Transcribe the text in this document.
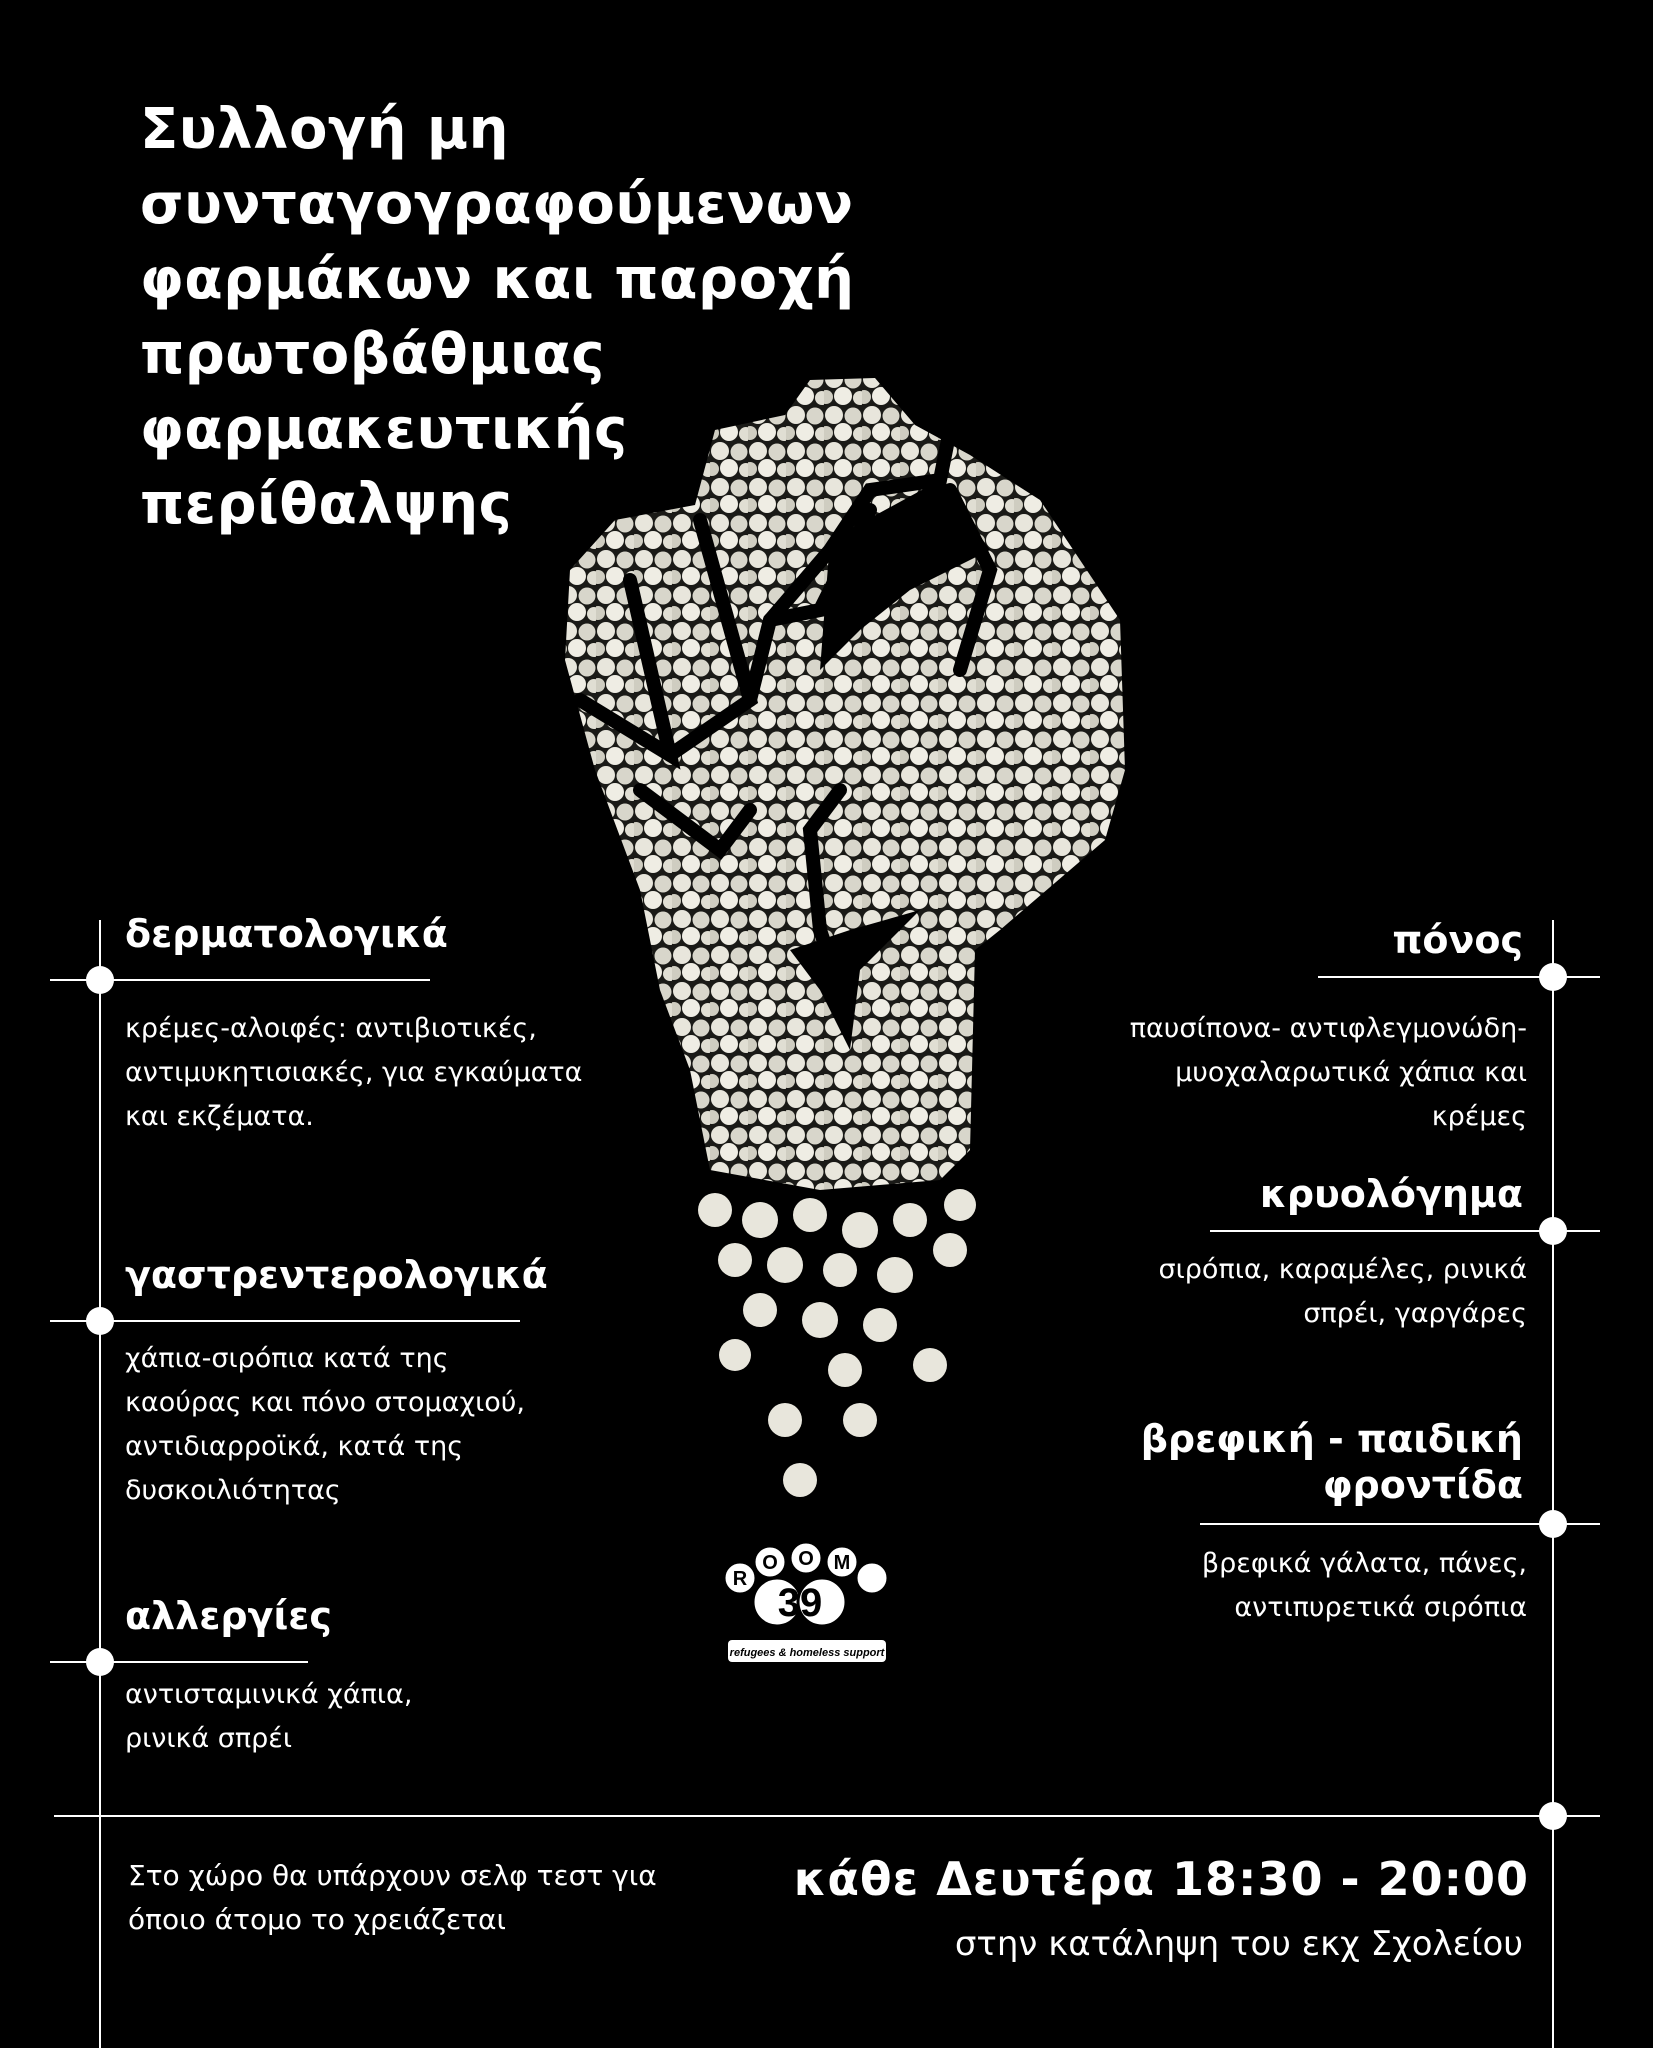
Συλλογή μη
συνταγογραφούμενων
φαρμάκων και παροχή
πρωτοβάθμιας
φαρμακευτικής
περίθαλψης
δερματολογικά
κρέμες-αλοιφές: αντιβιοτικές,
αντιμυκητισιακές, για εγκαύματα
και εκζέματα.
γαστρεντερολογικά
χάπια-σιρόπια κατά της
καούρας και πόνο στομαχιού,
αντιδιαρροϊκά, κατά της
δυσκοιλιότητας
αλλεργίες
αντισταμινικά χάπια,
ρινικά σπρέι
πόνος
παυσίπονα- αντιφλεγμονώδη-
μυοχαλαρωτικά χάπια και
κρέμες
κρυολόγημα
σιρόπια, καραμέλες, ρινικά
σπρέι, γαργάρες
βρεφική - παιδική
φροντίδα
βρεφικά γάλατα, πάνες,
αντιπυρετικά σιρόπια
R
O O M
39
refugees & homeless support
Στο χώρο θα υπάρχουν σελφ τεστ για
όποιο άτομο το χρειάζεται
κάθε Δευτέρα 18:30 - 20:00
στην κατάληψη του εκχ Σχολείου
